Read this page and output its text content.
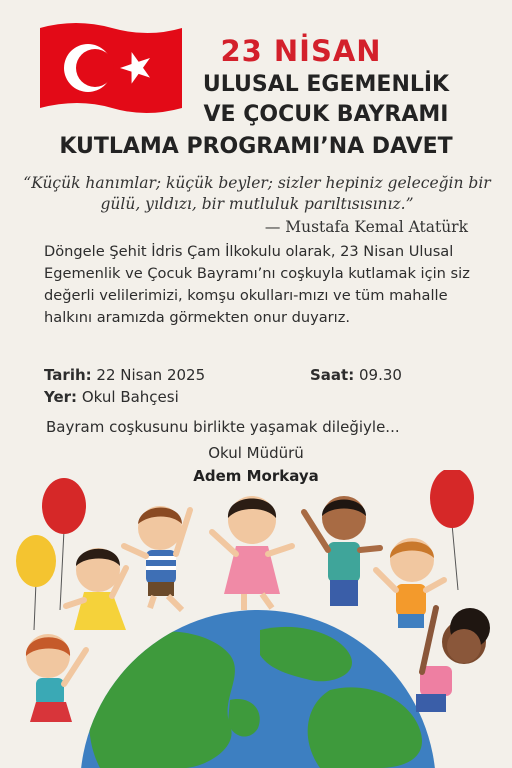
23 NİSAN
ULUSAL EGEMENLİK
VE ÇOCUK BAYRAMI
KUTLAMA PROGRAMI’NA DAVET
“Küçük hanımlar; küçük beyler; sizler hepiniz geleceğin bir gülü, yıldızı, bir mutluluk parıltısısınız.”
— Mustafa Kemal Atatürk
Döngele Şehit İdris Çam İlkokulu olarak, 23 Nisan Ulusal Egemenlik ve Çocuk Bayramı’nı coşkuyla kutlamak için siz değerli velilerimizi, komşu okulları-mızı ve tüm mahalle halkını aramızda görmekten onur duyarız.
Tarih: 22 Nisan 2025	Saat: 09.30
Yer: Okul Bahçesi
Bayram coşkusunu birlikte yaşamak dileğiyle...
Okul Müdürü
Adem Morkaya
